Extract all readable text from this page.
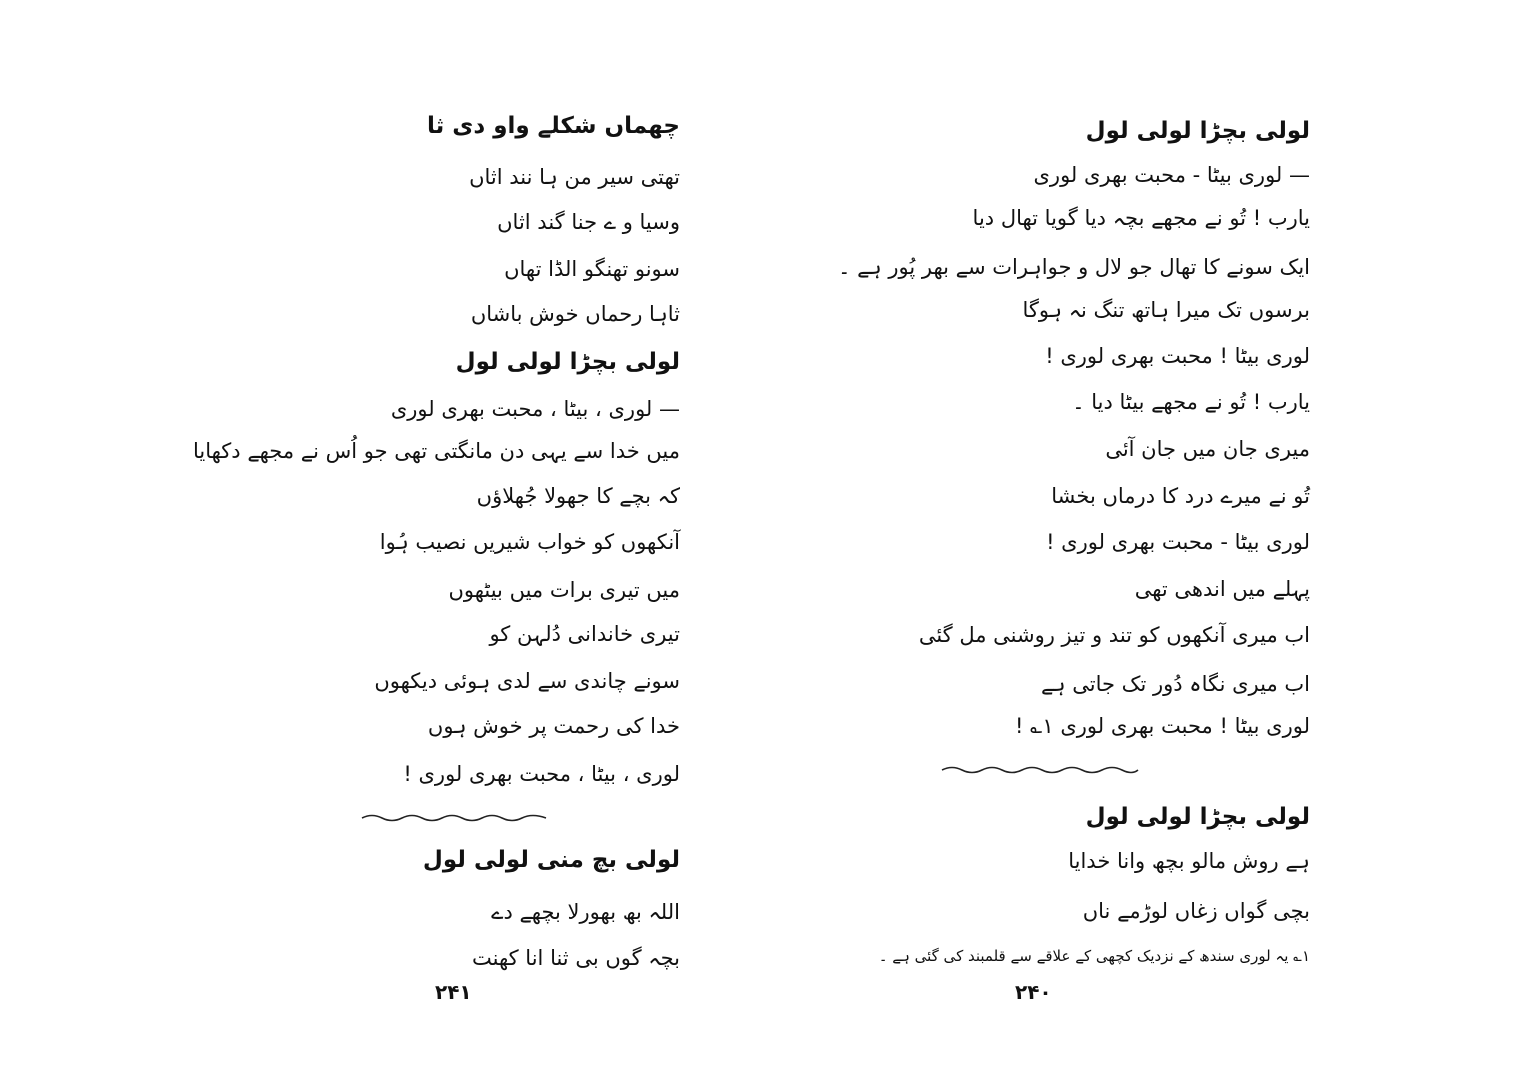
چھماں شکلے واو دی ثا
تھتی سیر من ہا نند اثاں
وسیا و ے جنا گند اثاں
سونو تھنگو الڈا تھاں
ثاہا رحماں خوش باشاں
لولی بچڑا لولی لول
— لوری ، بیٹا ، محبت بھری لوری
میں خدا سے یہی دن مانگتی تھی جو اُس نے مجھے دکھایا
کہ بچے کا جھولا جُھلاؤں
آنکھوں کو خواب شیریں نصیب ہُوا
میں تیری برات میں بیٹھوں
تیری خاندانی دُلہن کو
سونے چاندی سے لدی ہوئی دیکھوں
خدا کی رحمت پر خوش ہوں
لوری ، بیٹا ، محبت بھری لوری !
لولی بچ منی لولی لول
اللہ بھ بھورلا بچھے دے
بچہ گوں بی ثنا انا کھنت
۲۴۱
لولی بچڑا لولی لول
— لوری بیٹا - محبت بھری لوری
یارب ! تُو نے مجھے بچہ دیا گویا تھال دیا
ایک سونے کا تھال جو لال و جواہرات سے بھر پُور ہے ۔
برسوں تک میرا ہاتھ تنگ نہ ہوگا
لوری بیٹا ! محبت بھری لوری !
یارب ! تُو نے مجھے بیٹا دیا ۔
میری جان میں جان آئی
تُو نے میرے درد کا درماں بخشا
لوری بیٹا - محبت بھری لوری !
پہلے میں اندھی تھی
اب میری آنکھوں کو تند و تیز روشنی مل گئی
اب میری نگاہ دُور تک جاتی ہے
لوری بیٹا ! محبت بھری لوری ۱؎ !
لولی بچڑا لولی لول
ہے روش مالو بچھ وانا خدایا
بچی گواں زغاں لوڑمے ناں
۱؎ یہ لوری سندھ کے نزدیک کچھی کے علاقے سے قلمبند کی گئی ہے ۔
۲۴۰
